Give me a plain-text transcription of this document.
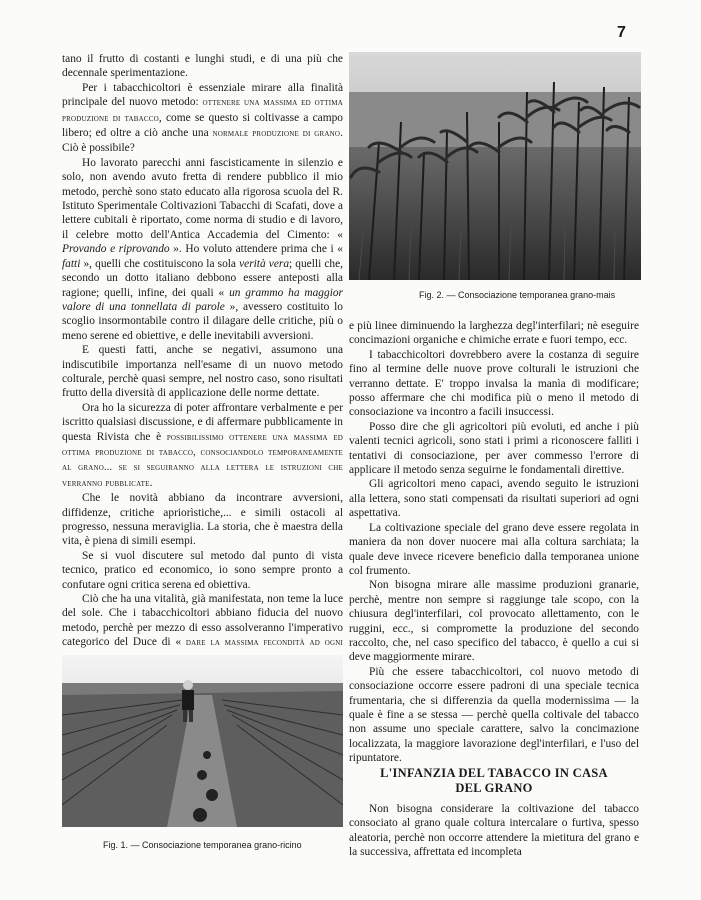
7

tano il frutto di costanti e lunghi studi, e di una più che decennale sperimentazione.

Per i tabacchicoltori è essenziale mirare alla finalità principale del nuovo metodo: ottenere una massima ed ottima produzione di tabacco, come se questo si coltivasse a campo libero; ed oltre a ciò anche una normale produzione di grano. Ciò è possibile?

Ho lavorato parecchi anni fascisticamente in silenzio e solo, non avendo avuto fretta di rendere pubblico il mio metodo, perchè sono stato educato alla rigorosa scuola del R. Istituto Sperimentale Coltivazioni Tabacchi di Scafati, dove a lettere cubitali è riportato, come norma di studio e di lavoro, il celebre motto dell'Antica Accademia del Cimento: « Provando e riprovando ». Ho voluto attendere prima che i « fatti », quelli che costituiscono la sola verità vera; quelli che, secondo un dotto italiano debbono essere anteposti alla ragione; quelli, infine, dei quali « un grammo ha maggior valore di una tonnellata di parole », avessero costituito lo scoglio insormontabile contro il dilagare delle critiche, più o meno serene ed obiettive, e delle inevitabili avversioni.

E questi fatti, anche se negativi, assumono una indiscutibile importanza nell'esame di un nuovo metodo colturale, perchè quasi sempre, nel nostro caso, sono risultati frutto della diversità di applicazione delle norme dettate.

Ora ho la sicurezza di poter affrontare verbalmente e per iscritto qualsiasi discussione, e di affermare pubblicamente in questa Rivista che è possibilissimo ottenere una massima ed ottima produzione di tabacco, consociandolo temporaneamente al grano... se si seguiranno alla lettera le istruzioni che verranno pubblicate.

Che le novità abbiano da incontrare avversioni, diffidenze, critiche apriorìstiche,... e simili ostacoli al progresso, nessuna meraviglia. La storia, che è maestra della vita, è piena di simili esempi.

Se si vuol discutere sul metodo dal punto di vista tecnico, pratico ed economico, io sono sempre pronto a confutare ogni critica serena ed obiettiva.

Ciò che ha una vitalità, già manifestata, non teme la luce del sole. Che i tabacchicoltori abbiano fiducia del nuovo metodo, perchè per mezzo di esso assolveranno l'imperativo categorico del Duce di « dare la massima fecondità ad ogni

Fig. 2. — Consociazione temporanea grano-mais

e più linee diminuendo la larghezza degl'interfilari; nè eseguire concimazioni organiche e chimiche errate e fuori tempo, ecc.

I tabacchicoltori dovrebbero avere la costanza di seguire fino al termine delle nuove prove colturali le istruzioni che verranno dettate. E' troppo invalsa la manìa di modificare; posso affermare che chi modifica più o meno il metodo di consociazione va incontro a facili insuccessi.

Posso dire che gli agricoltori più evoluti, ed anche i più valenti tecnici agricoli, sono stati i primi a riconoscere falliti i tentativi di consociazione, per aver commesso l'errore di applicare il metodo senza seguirne le fondamentali direttive.

Gli agricoltori meno capaci, avendo seguito le istruzioni alla lettera, sono stati compensati da risultati superiori ad ogni aspettativa.

La coltivazione speciale del grano deve essere regolata in maniera da non dover nuocere mai alla coltura sarchiata; la quale deve invece ricevere beneficio dalla temporanea unione col frumento.

Non bisogna mirare alle massime produzioni granarie, perchè, mentre non sempre si raggiunge tale scopo, con la chiusura degl'interfilari, col provocato allettamento, con le ruggini, ecc., si compromette la produzione del secondo raccolto, che, nel caso specifico del tabacco, è quello a cui si deve maggiormente mirare.

Più che essere tabacchicoltori, col nuovo metodo di consociazione occorre essere padroni di una speciale tecnica frumentaria, che si differenzia da quella modernissima — la quale è fine a se stessa — perchè quella coltivale del tabacco non assume uno speciale carattere, salvo la concimazione localizzata, la maggiore lavorazione degl'interfilari, e l'uso del ripuntatore.

L'INFANZIA DEL TABACCO IN CASA

DEL GRANO

Non bisogna considerare la coltivazione del tabacco consociato al grano quale coltura intercalare o furtiva, spesso aleatoria, perchè non occorre attendere la mietitura del grano e la successiva, affrettata ed incompleta

Fig. 1. — Consociazione temporanea grano-ricino
